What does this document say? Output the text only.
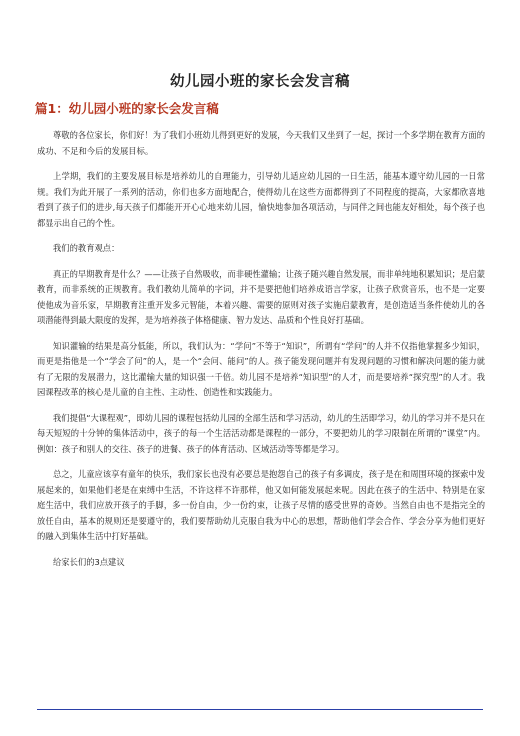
幼儿园小班的家长会发言稿
篇1：幼儿园小班的家长会发言稿

尊敬的各位家长，你们好！为了我们小班幼儿得到更好的发展，今天我们又坐到了一起，探讨一个多学期在教育方面的成功、不足和今后的发展目标。

上学期，我们的主要发展目标是培养幼儿的自理能力，引导幼儿适应幼儿园的一日生活，能基本遵守幼儿园的一日常规。我们为此开展了一系列的活动，你们也多方面地配合，使得幼儿在这些方面都得到了不同程度的提高，大家都欣喜地看到了孩子们的进步,每天孩子们都能开开心心地来幼儿园，愉快地参加各项活动，与同伴之间也能友好相处，每个孩子也都显示出自己的个性。

我们的教育观点：

真正的早期教育是什么？——让孩子自然吸收，而非硬性灌输；让孩子随兴趣自然发展，而非单纯地积累知识；是启蒙教育，而非系统的正规教育。我们教幼儿简单的字词，并不是要把他们培养成语言学家，让孩子欣赏音乐，也不是一定要使他成为音乐家，早期教育注重开发多元智能，本着兴趣、需要的原则对孩子实施启蒙教育，是创造适当条件使幼儿的各项潜能得到最大限度的发挥，是为培养孩子体格健康、智力发达、品质和个性良好打基础。

知识灌输的结果是高分低能，所以，我们认为：“学问”不等于“知识”，所谓有“学问”的人并不仅指他掌握多少知识，而更是指他是一个“学会了问”的人，是一个“会问、能问”的人。孩子能发现问题并有发现问题的习惯和解决问题的能力就有了无限的发展潜力，这比灌输大量的知识强一千倍。幼儿园不是培养“知识型”的人才，而是要培养“探究型”的人才。我园课程改革的核心是儿童的自主性、主动性、创造性和实践能力。

我们提倡“大课程观”，即幼儿园的课程包括幼儿园的全部生活和学习活动，幼儿的生活即学习，幼儿的学习并不是只在每天短短的十分钟的集体活动中，孩子的每一个生活活动都是课程的一部分，不要把幼儿的学习限制在所谓的”课堂”内。例如：孩子和别人的交往、孩子的进餐、孩子的体育活动、区域活动等等都是学习。

总之，儿童应该享有童年的快乐，我们家长也没有必要总是抱怨自己的孩子有多调皮，孩子是在和周围环境的探索中发展起来的，如果他们老是在束缚中生活，不许这样不许那样，他又如何能发展起来呢。因此在孩子的生活中、特别是在家庭生活中，我们应放开孩子的手脚，多一份自由，少一份约束，让孩子尽情的感受世界的奇妙。当然自由也不是指完全的放任自由，基本的规则还是要遵守的，我们要帮助幼儿克服自我为中心的思想，帮助他们学会合作、学会分享为他们更好的融入到集体生活中打好基础。

给家长们的3点建议
